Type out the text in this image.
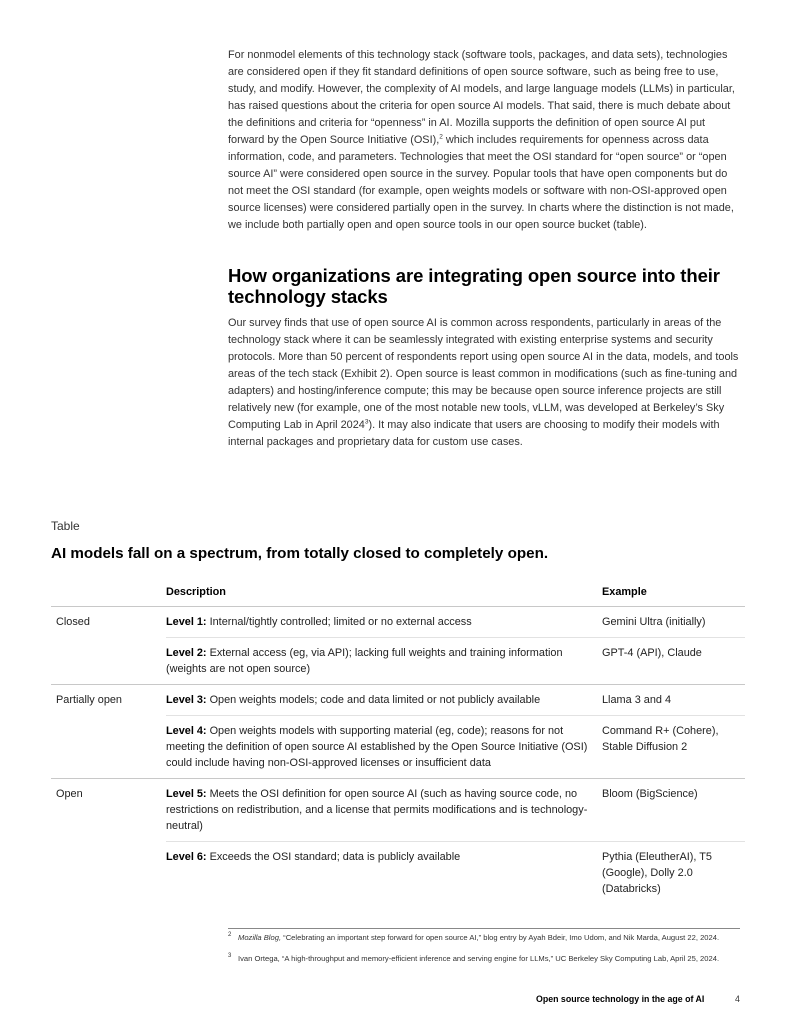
For nonmodel elements of this technology stack (software tools, packages, and data sets), technologies are considered open if they fit standard definitions of open source software, such as being free to use, study, and modify. However, the complexity of AI models, and large language models (LLMs) in particular, has raised questions about the criteria for open source AI models. That said, there is much debate about the definitions and criteria for “openness” in AI. Mozilla supports the definition of open source AI put forward by the Open Source Initiative (OSI),$^2$ which includes requirements for openness across data information, code, and parameters. Technologies that meet the OSI standard for “open source” or “open source AI” were considered open source in the survey. Popular tools that have open components but do not meet the OSI standard (for example, open weights models or software with non-OSI-approved open source licenses) were considered partially open in the survey. In charts where the distinction is not made, we include both partially open and open source tools in our open source bucket (table).

How organizations are integrating open source into their technology stacks

Our survey finds that use of open source AI is common across respondents, particularly in areas of the technology stack where it can be seamlessly integrated with existing enterprise systems and security protocols. More than 50 percent of respondents report using open source AI in the data, models, and tools areas of the tech stack (Exhibit 2). Open source is least common in modifications (such as fine-tuning and adapters) and hosting/inference compute; this may be because open source inference projects are still relatively new (for example, one of the most notable new tools, vLLM, was developed at Berkeley’s Sky Computing Lab in April 2024$^3$). It may also indicate that users are choosing to modify their models with internal packages and proprietary data for custom use cases.

Table
AI models fall on a spectrum, from totally closed to completely open.
	Description	Example
Closed	Level 1: Internal/tightly controlled; limited or no external access	Gemini Ultra (initially)
	Level 2: External access (eg, via API); lacking full weights and training information (weights are not open source)	GPT-4 (API), Claude
Partially open	Level 3: Open weights models; code and data limited or not publicly available	Llama 3 and 4
	Level 4: Open weights models with supporting material (eg, code); reasons for not meeting the definition of open source AI established by the Open Source Initiative (OSI) could include having non-OSI-approved licenses or insufficient data	Command R+ (Cohere), Stable Diffusion 2
Open	Level 5: Meets the OSI definition for open source AI (such as having source code, no restrictions on redistribution, and a license that permits modifications and is technology-neutral)	Bloom (BigScience)
	Level 6: Exceeds the OSI standard; data is publicly available	Pythia (EleutherAI), T5 (Google), Dolly 2.0 (Databricks)
2 Mozilla Blog, “Celebrating an important step forward for open source AI,” blog entry by Ayah Bdeir, Imo Udom, and Nik Marda, August 22, 2024.
3 Ivan Ortega, “A high-throughput and memory-efficient inference and serving engine for LLMs,” UC Berkeley Sky Computing Lab, April 25, 2024.
Open source technology in the age of AI	4
